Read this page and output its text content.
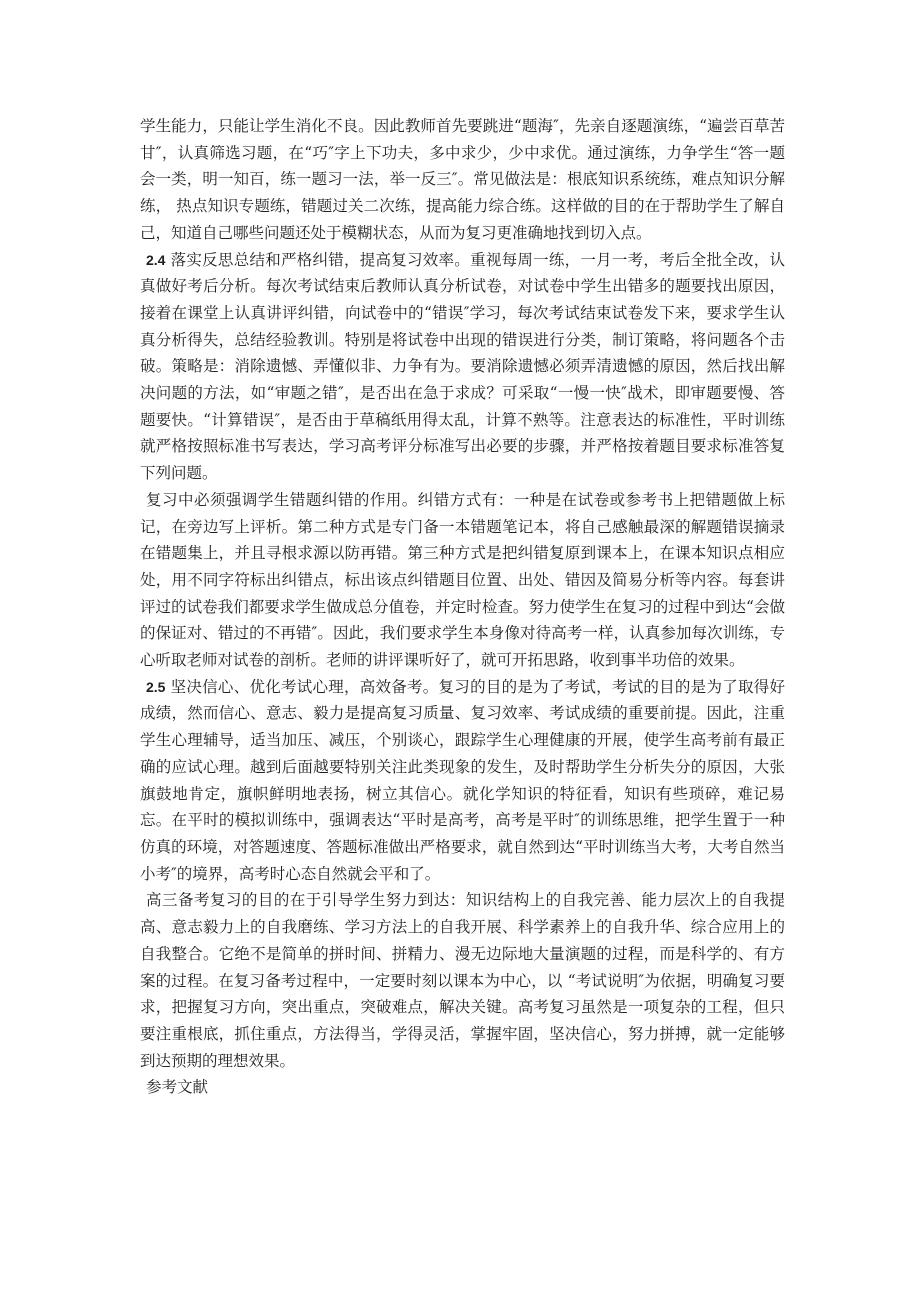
学生能力，只能让学生消化不良。因此教师首先要跳进“题海″，先亲自逐题演练，“遍尝百草苦甘″，认真筛选习题，在“巧″字上下功夫，多中求少，少中求优。通过演练，力争学生“答一题会一类，明一知百，练一题习一法，举一反三″。常见做法是：根底知识系统练，难点知识分解练， 热点知识专题练，错题过关二次练，提高能力综合练。这样做的目的在于帮助学生了解自己，知道自己哪些问题还处于模糊状态，从而为复习更准确地找到切入点。

2.4 落实反思总结和严格纠错，提高复习效率。重视每周一练，一月一考，考后全批全改，认真做好考后分析。每次考试结束后教师认真分析试卷，对试卷中学生出错多的题要找出原因，接着在课堂上认真讲评纠错，向试卷中的“错误″学习，每次考试结束试卷发下来，要求学生认真分析得失，总结经验教训。特别是将试卷中出现的错误进行分类，制订策略，将问题各个击破。策略是：消除遗憾、弄懂似非、力争有为。要消除遗憾必须弄清遗憾的原因，然后找出解决问题的方法，如“审题之错″，是否出在急于求成？可采取“一慢一快″战术，即审题要慢、答题要快。“计算错误″，是否由于草稿纸用得太乱，计算不熟等。注意表达的标准性，平时训练就严格按照标准书写表达，学习高考评分标准写出必要的步骤，并严格按着题目要求标准答复下列问题。

复习中必须强调学生错题纠错的作用。纠错方式有：一种是在试卷或参考书上把错题做上标记，在旁边写上评析。第二种方式是专门备一本错题笔记本，将自己感触最深的解题错误摘录在错题集上，并且寻根求源以防再错。第三种方式是把纠错复原到课本上，在课本知识点相应处，用不同字符标出纠错点，标出该点纠错题目位置、出处、错因及简易分析等内容。每套讲评过的试卷我们都要求学生做成总分值卷，并定时检查。努力使学生在复习的过程中到达“会做的保证对、错过的不再错″。因此，我们要求学生本身像对待高考一样，认真参加每次训练，专心听取老师对试卷的剖析。老师的讲评课听好了，就可开拓思路，收到事半功倍的效果。

2.5 坚决信心、优化考试心理，高效备考。复习的目的是为了考试，考试的目的是为了取得好成绩，然而信心、意志、毅力是提高复习质量、复习效率、考试成绩的重要前提。因此，注重学生心理辅导，适当加压、减压，个别谈心，跟踪学生心理健康的开展，使学生高考前有最正确的应试心理。越到后面越要特别关注此类现象的发生，及时帮助学生分析失分的原因，大张旗鼓地肯定，旗帜鲜明地表扬，树立其信心。就化学知识的特征看，知识有些琐碎，难记易忘。在平时的模拟训练中，强调表达“平时是高考，高考是平时″的训练思维，把学生置于一种仿真的环境，对答题速度、答题标准做出严格要求，就自然到达“平时训练当大考，大考自然当小考″的境界，高考时心态自然就会平和了。

高三备考复习的目的在于引导学生努力到达：知识结构上的自我完善、能力层次上的自我提高、意志毅力上的自我磨练、学习方法上的自我开展、科学素养上的自我升华、综合应用上的自我整合。它绝不是简单的拼时间、拼精力、漫无边际地大量演题的过程，而是科学的、有方案的过程。在复习备考过程中，一定要时刻以课本为中心，以 “考试说明″为依据，明确复习要求，把握复习方向，突出重点，突破难点，解决关键。高考复习虽然是一项复杂的工程，但只要注重根底，抓住重点，方法得当，学得灵活，掌握牢固，坚决信心，努力拼搏，就一定能够到达预期的理想效果。

参考文献
